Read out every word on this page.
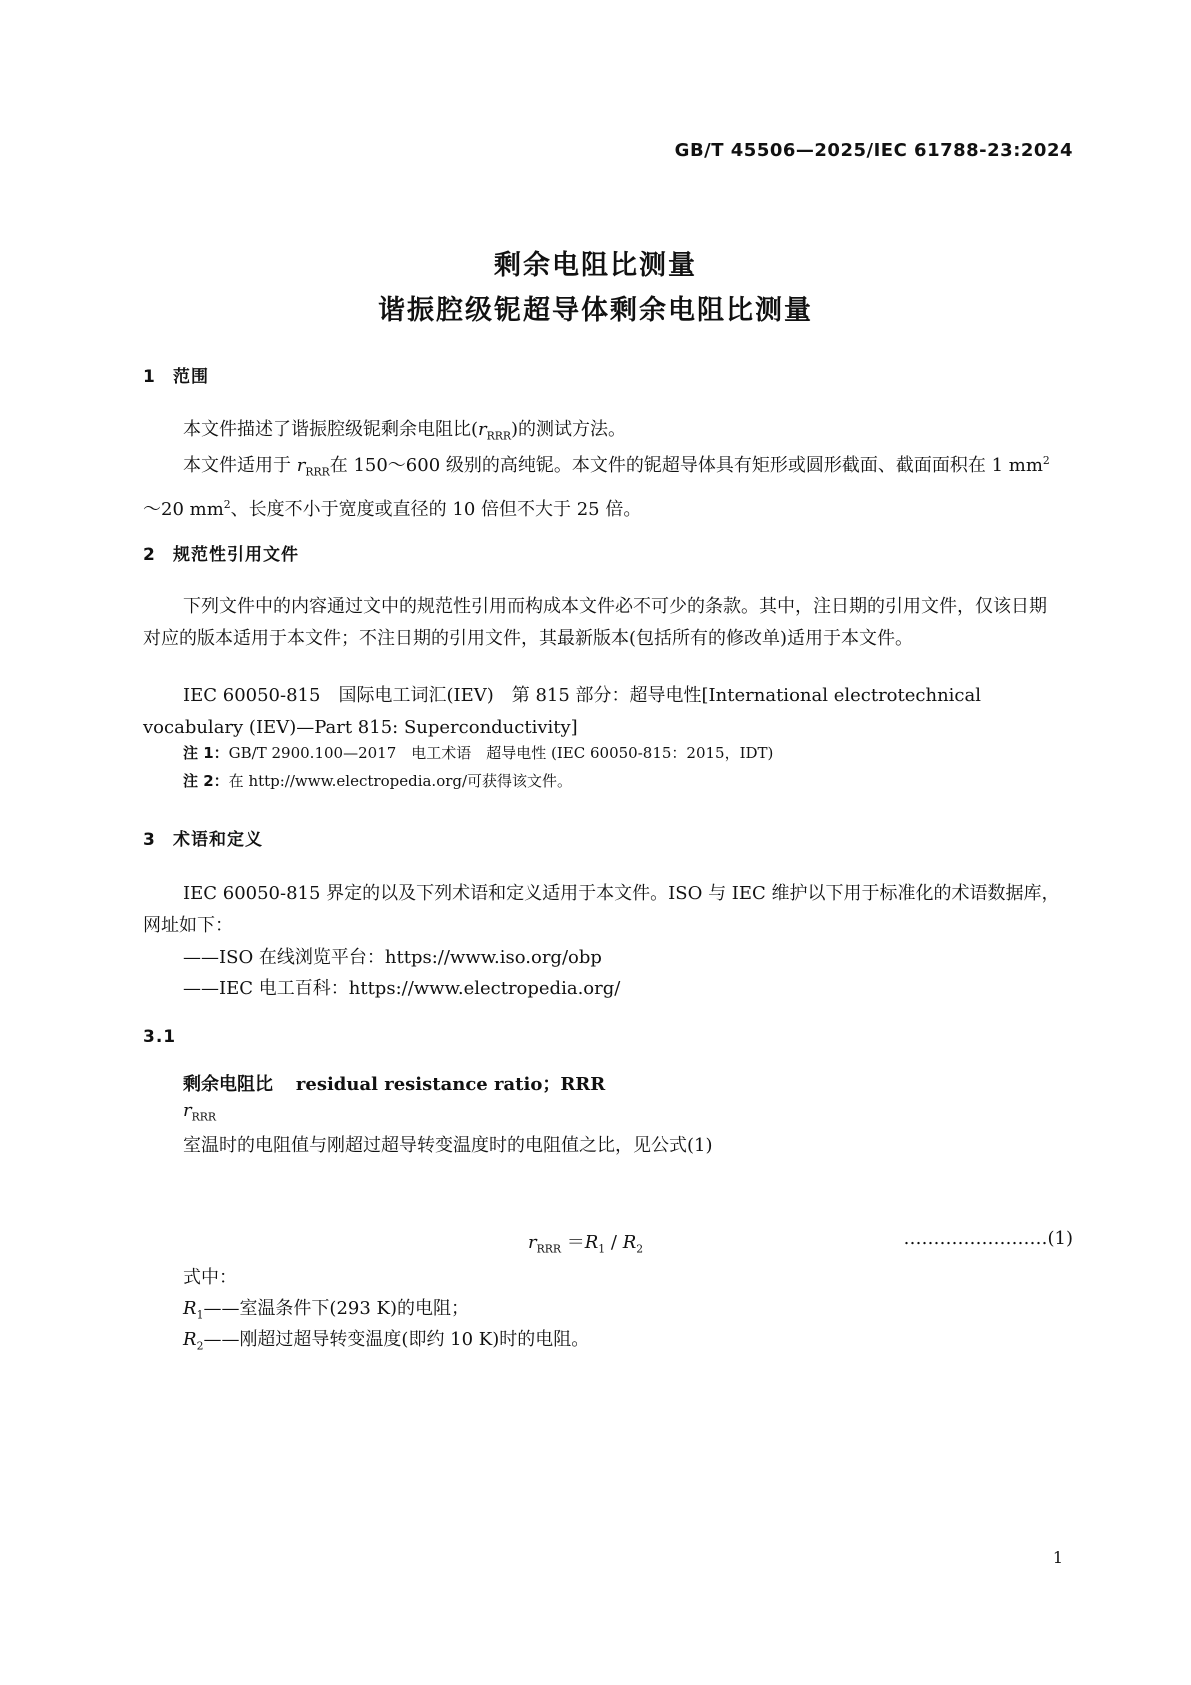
GB/T 45506—2025/IEC 61788-23:2024
剩余电阻比测量
谐振腔级铌超导体剩余电阻比测量
1 范围
本文件描述了谐振腔级铌剩余电阻比$(r_{RRR})$的测试方法。
本文件适用于 $r_{RRR}$在 150～600 级别的高纯铌。本文件的铌超导体具有矩形或圆形截面、截面面积在 1 $mm^2\sim 20$ $mm^2$、长度不小于宽度或直径的 10 倍但不大于 25 倍。
2 规范性引用文件
下列文件中的内容通过文中的规范性引用而构成本文件必不可少的条款。其中，注日期的引用文件，仅该日期对应的版本适用于本文件；不注日期的引用文件，其最新版本(包括所有的修改单)适用于本文件。
IEC 60050-815　国际电工词汇(IEV)　第 815 部分：超导电性[International electrotechnical vocabulary (IEV)—Part 815: Superconductivity]
注 1：GB/T 2900.100—2017　电工术语　超导电性 (IEC 60050-815：2015，IDT)
注 2：在 http://www.electropedia.org/可获得该文件。
3 术语和定义
IEC 60050-815 界定的以及下列术语和定义适用于本文件。ISO 与 IEC 维护以下用于标准化的术语数据库，网址如下：
——ISO 在线浏览平台：https://www.iso.org/obp
——IEC 电工百科：https://www.electropedia.org/
3.1
剩余电阻比 residual resistance ratio；RRR
$r_{RRR}$
室温时的电阻值与刚超过超导转变温度时的电阻值之比，见公式(1)
$r_{RRR} =R_1 / R_2$
……………………(1)
式中：
$R_1——$室温条件下(293 K)的电阻；
$R_2——$刚超过超导转变温度(即约 10 K)时的电阻。
1
